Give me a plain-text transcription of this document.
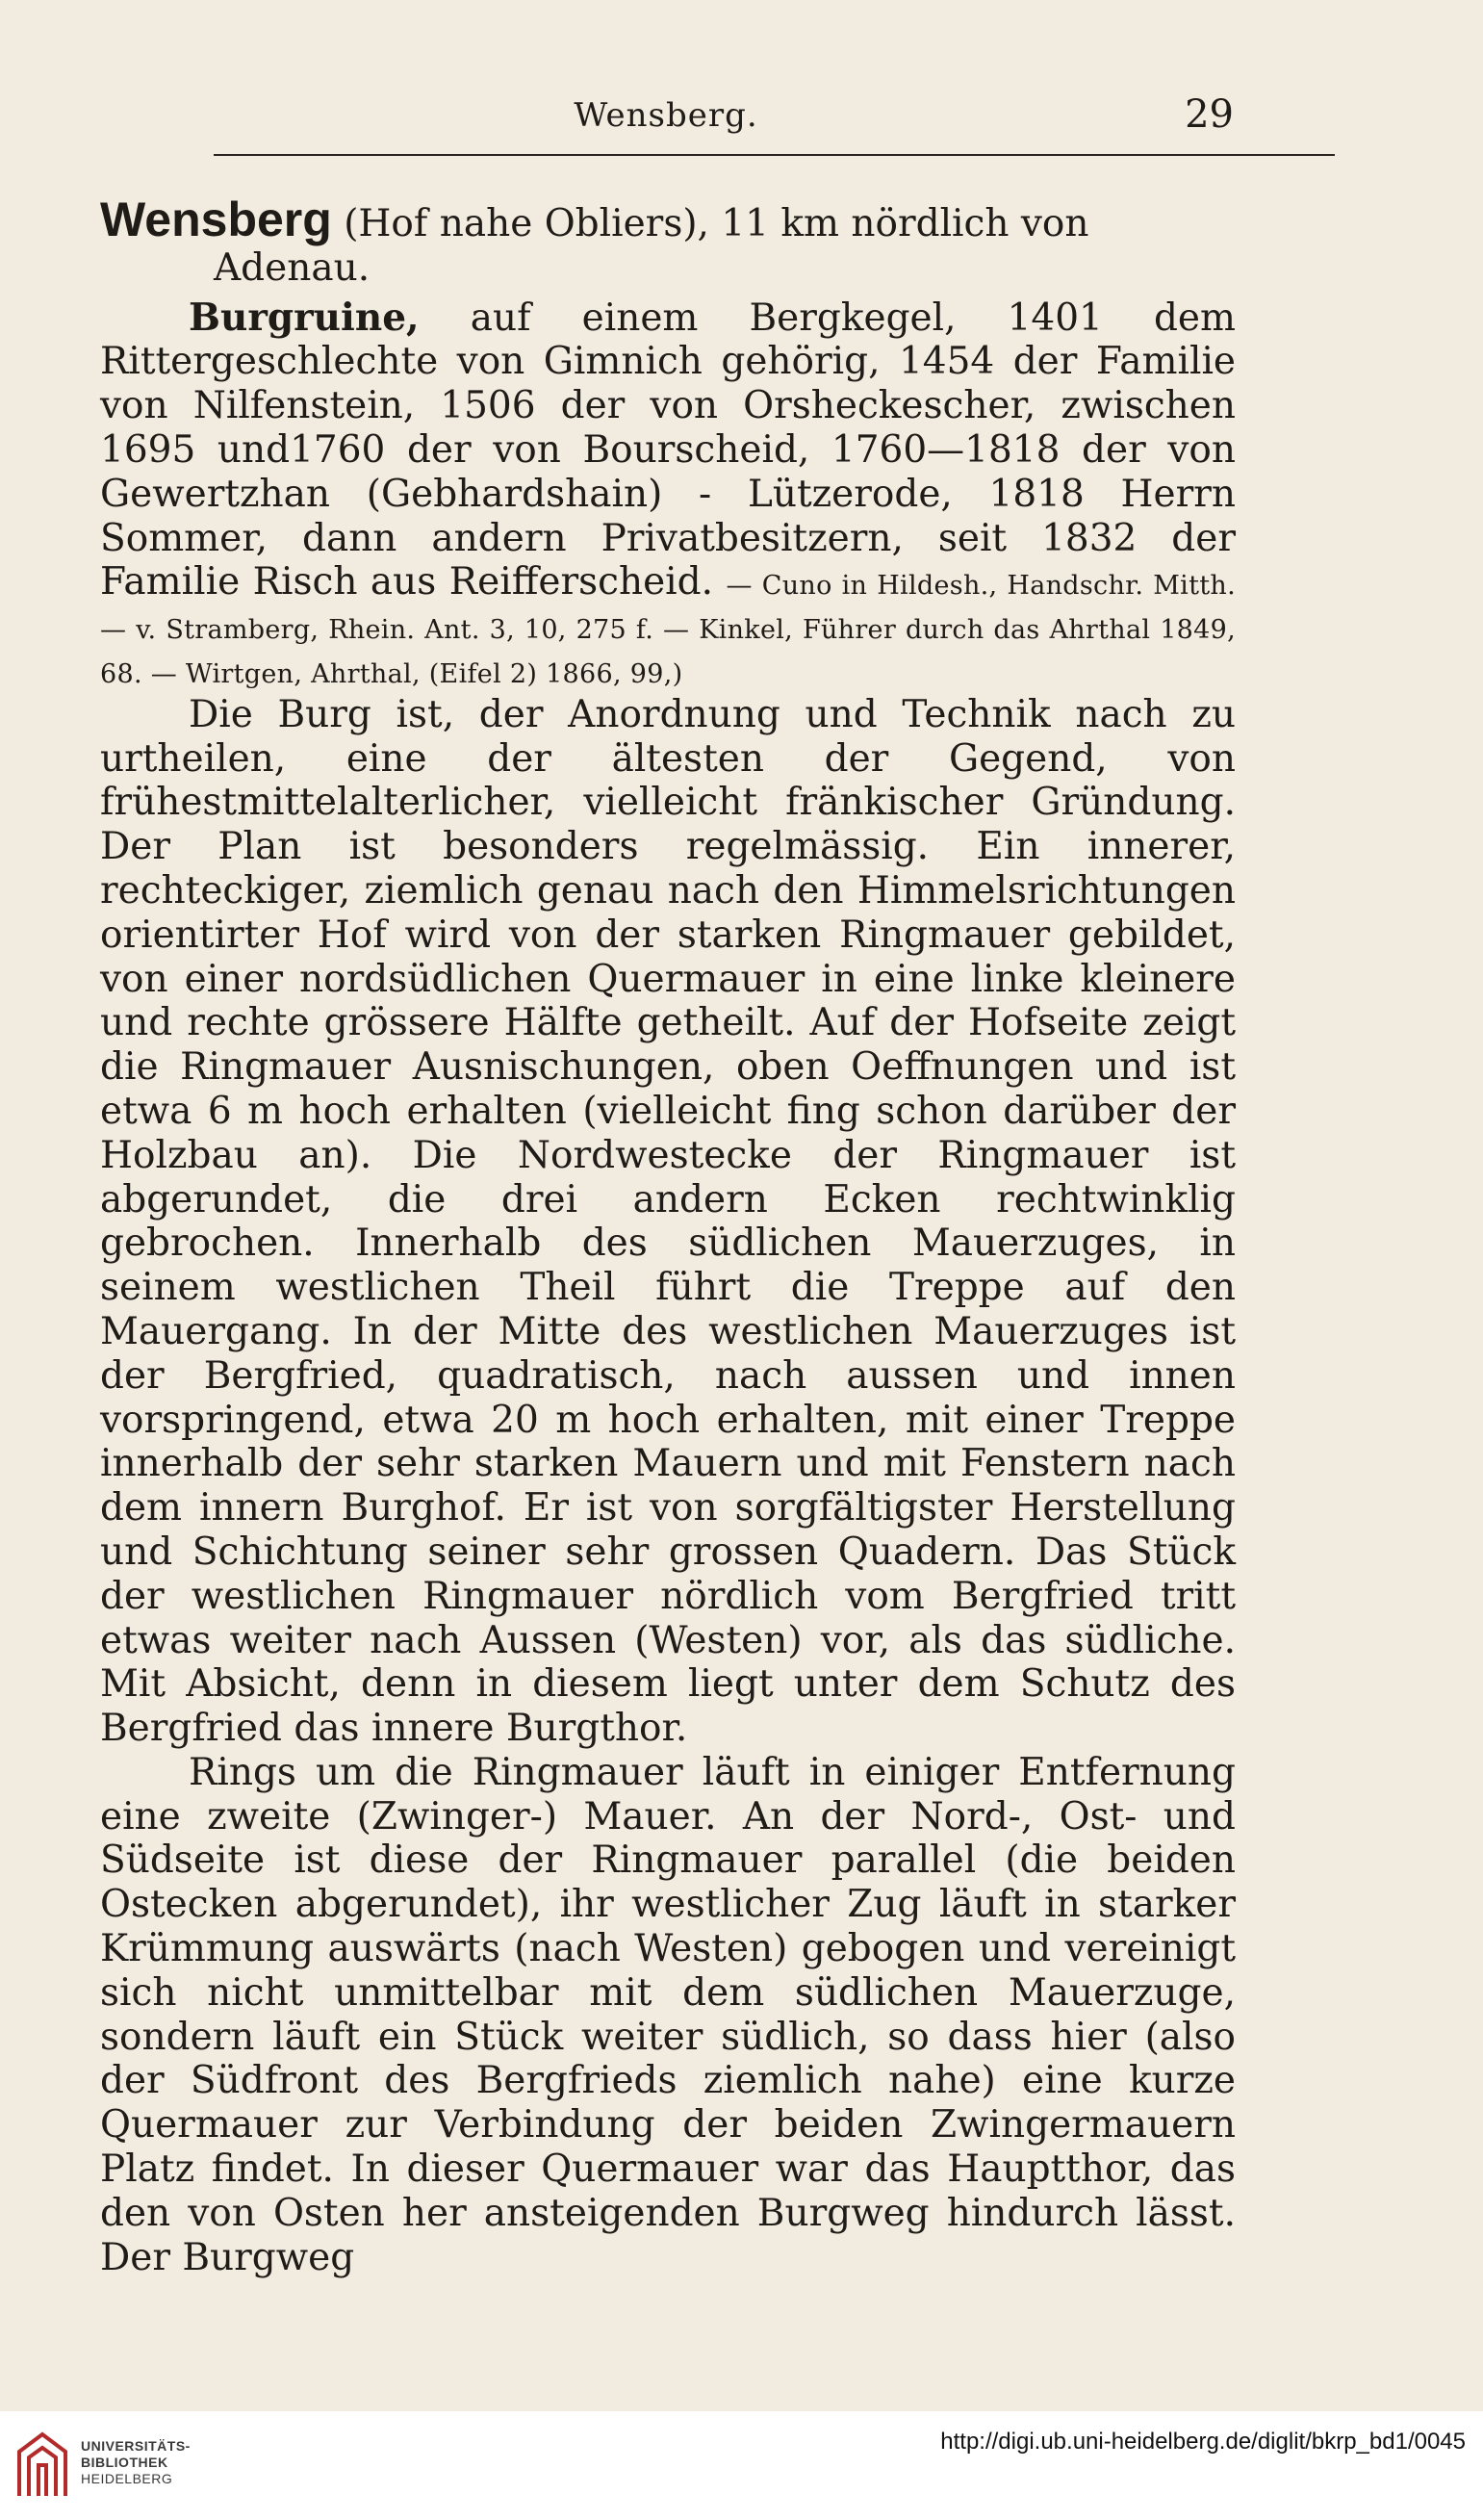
Wensberg.	29

Wensberg (Hof nahe Obliers), 11 km nördlich von

Adenau.

Burgruine, auf einem Bergkegel, 1401 dem Rittergeschlechte von Gimnich gehörig, 1454 der Familie von Nilfenstein, 1506 der von Orsheckescher, zwischen 1695 und1760 der von Bourscheid, 1760—1818 der von Gewertzhan (Gebhardshain) - Lützerode, 1818 Herrn Sommer, dann andern Privatbesitzern, seit 1832 der Familie Risch aus Reifferscheid. — Cuno in Hildesh., Handschr. Mitth. — v. Stramberg, Rhein. Ant. 3, 10, 275 f. — Kinkel, Führer durch das Ahrthal 1849, 68. — Wirtgen, Ahrthal, (Eifel 2) 1866, 99,)

Die Burg ist, der Anordnung und Technik nach zu urtheilen, eine der ältesten der Gegend, von frühestmittelalterlicher, vielleicht fränkischer Gründung. Der Plan ist besonders regelmässig. Ein innerer, rechteckiger, ziemlich genau nach den Himmelsrichtungen orientirter Hof wird von der starken Ringmauer gebildet, von einer nordsüdlichen Quermauer in eine linke kleinere und rechte grössere Hälfte getheilt. Auf der Hofseite zeigt die Ringmauer Ausnischungen, oben Oeffnungen und ist etwa 6 m hoch erhalten (vielleicht fing schon darüber der Holzbau an). Die Nordwestecke der Ringmauer ist abgerundet, die drei andern Ecken rechtwinklig gebrochen. Innerhalb des südlichen Mauerzuges, in seinem westlichen Theil führt die Treppe auf den Mauergang. In der Mitte des westlichen Mauerzuges ist der Bergfried, quadratisch, nach aussen und innen vorspringend, etwa 20 m hoch erhalten, mit einer Treppe innerhalb der sehr starken Mauern und mit Fenstern nach dem innern Burghof. Er ist von sorgfältigster Herstellung und Schichtung seiner sehr grossen Quadern. Das Stück der westlichen Ringmauer nördlich vom Bergfried tritt etwas weiter nach Aussen (Westen) vor, als das südliche. Mit Absicht, denn in diesem liegt unter dem Schutz des Bergfried das innere Burgthor.

Rings um die Ringmauer läuft in einiger Entfernung eine zweite (Zwinger-) Mauer. An der Nord-, Ost- und Südseite ist diese der Ringmauer parallel (die beiden Ostecken abgerundet), ihr westlicher Zug läuft in starker Krümmung auswärts (nach Westen) gebogen und vereinigt sich nicht unmittelbar mit dem südlichen Mauerzuge, sondern läuft ein Stück weiter südlich, so dass hier (also der Südfront des Bergfrieds ziemlich nahe) eine kurze Quermauer zur Verbindung der beiden Zwingermauern Platz findet. In dieser Quermauer war das Hauptthor, das den von Osten her ansteigenden Burgweg hindurch lässt. Der Burgweg

UNIVERSITÄTS-
BIBLIOTHEK
HEIDELBERG
http://digi.ub.uni-heidelberg.de/diglit/bkrp_bd1/0045
